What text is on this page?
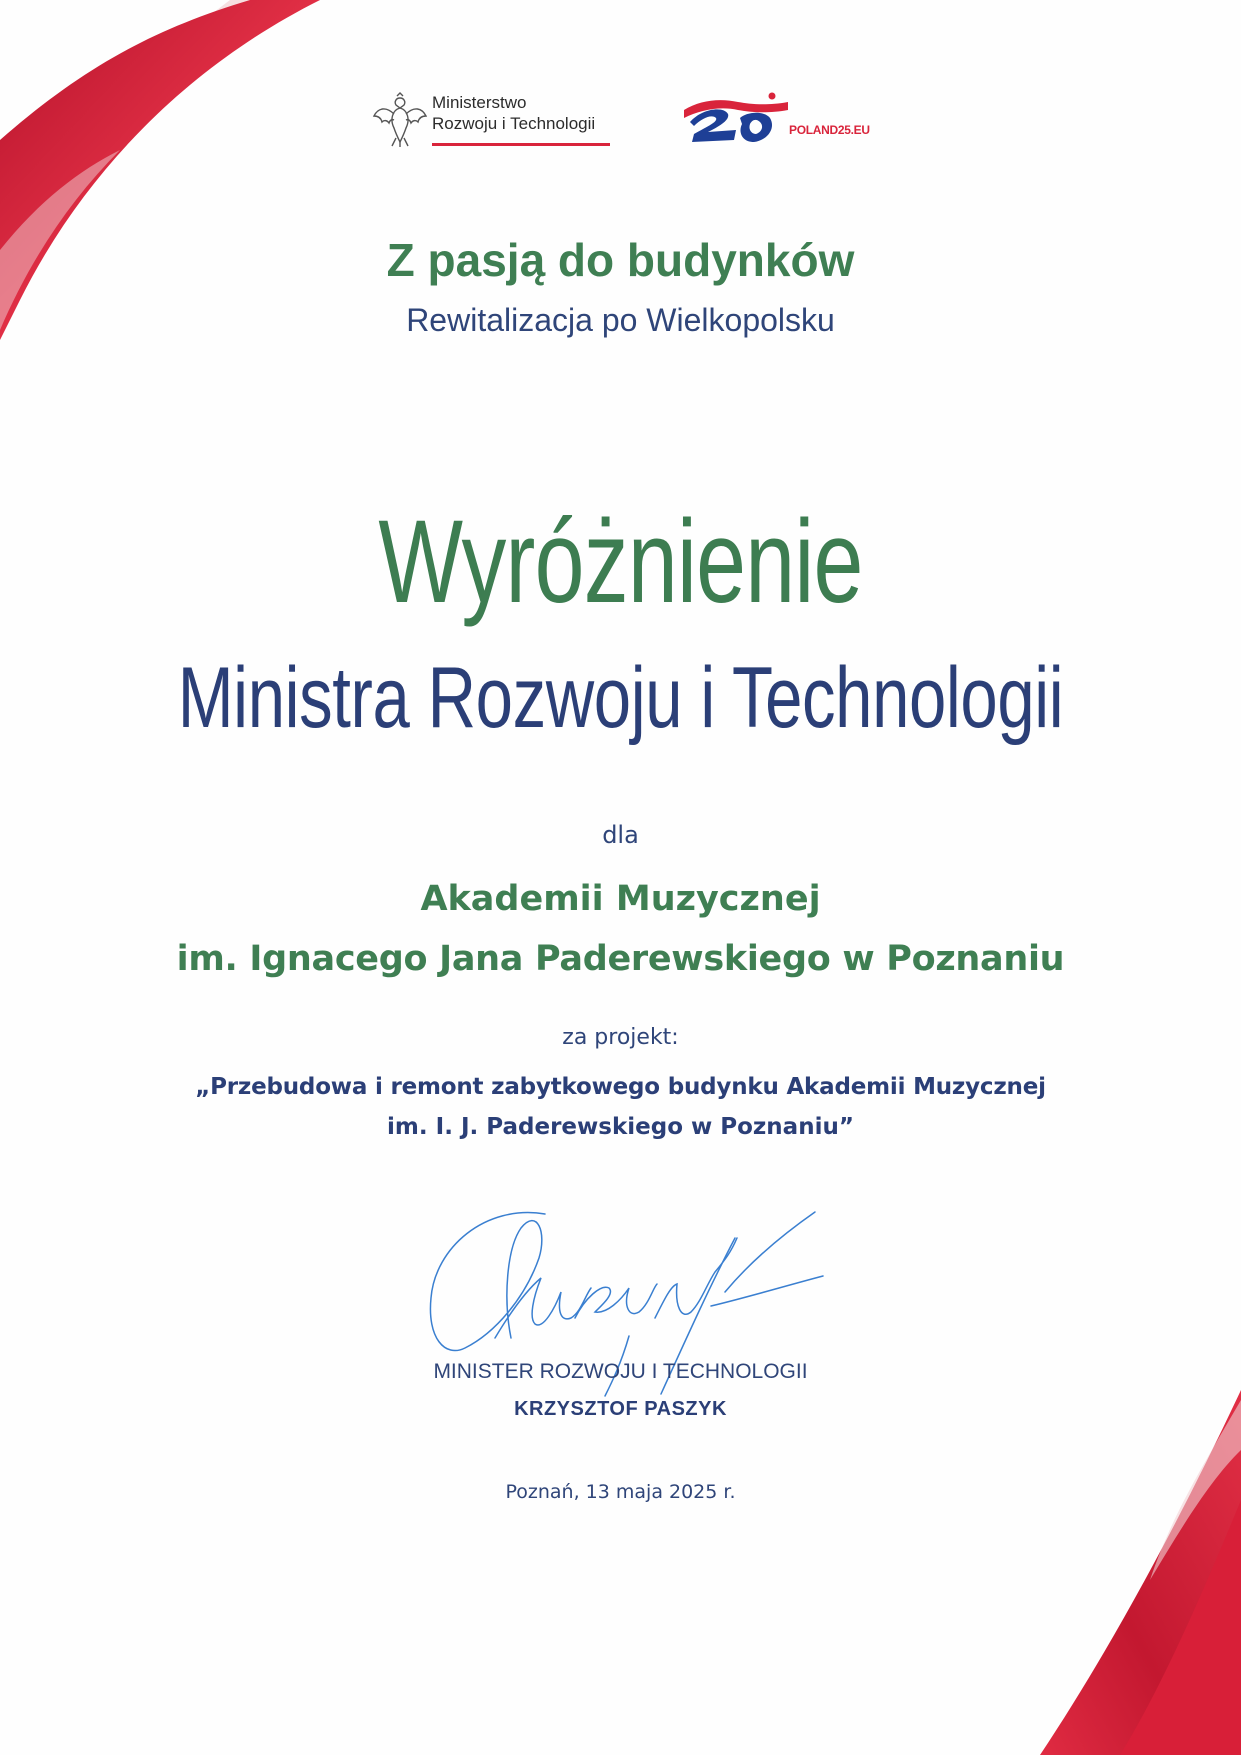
Ministerstwo
Rozwoju i Technologii	POLAND25.EU
Z pasją do budynków
Rewitalizacja po Wielkopolsku
Wyróżnienie
Ministra Rozwoju i Technologii
dla
Akademii Muzycznej
im. Ignacego Jana Paderewskiego w Poznaniu
za projekt:
„Przebudowa i remont zabytkowego budynku Akademii Muzycznej
im. I. J. Paderewskiego w Poznaniu”
MINISTER ROZWOJU I TECHNOLOGII
KRZYSZTOF PASZYK
Poznań, 13 maja 2025 r.
